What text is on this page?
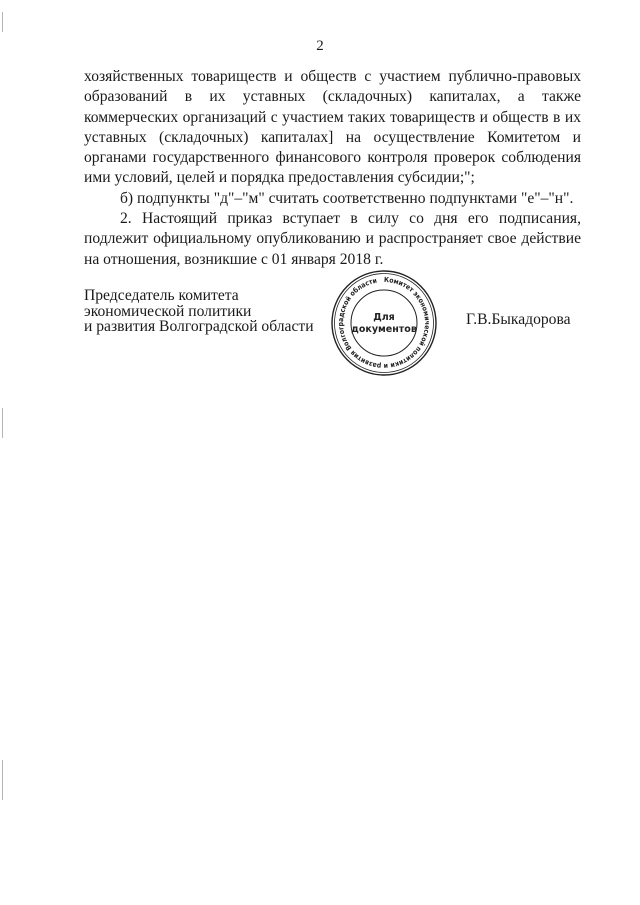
2

хозяйственных товариществ и обществ с участием публично-правовых образований в их уставных (складочных) капиталах, а также коммерческих организаций с участием таких товариществ и обществ в их уставных (складочных) капиталах] на осуществление Комитетом и органами государственного финансового контроля проверок соблюдения ими условий, целей и порядка предоставления субсидии;";

б) подпункты "д"–"м" считать соответственно подпунктами "е"–"н".

2. Настоящий приказ вступает в силу со дня его подписания, подлежит официальному опубликованию и распространяет свое действие на отношения, возникшие с 01 января 2018 г.

Председатель комитета
экономической политики
и развития Волгоградской области
Комитет экономической политики и развития Волгоградской области
Для
документов
Г.В.Быкадорова
